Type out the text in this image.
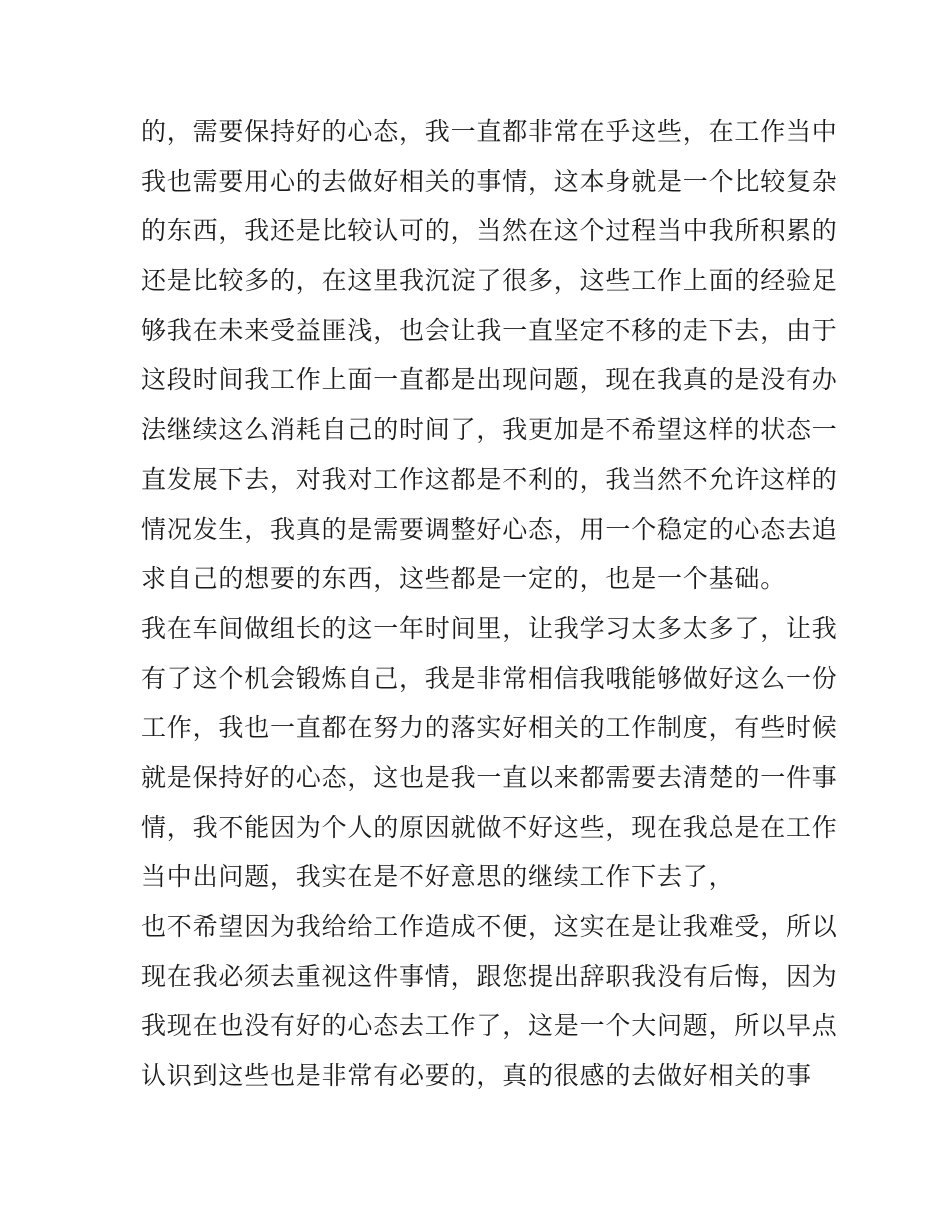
的，需要保持好的心态，我一直都非常在乎这些，在工作当中
我也需要用心的去做好相关的事情，这本身就是一个比较复杂
的东西，我还是比较认可的，当然在这个过程当中我所积累的
还是比较多的，在这里我沉淀了很多，这些工作上面的经验足
够我在未来受益匪浅，也会让我一直坚定不移的走下去，由于
这段时间我工作上面一直都是出现问题，现在我真的是没有办
法继续这么消耗自己的时间了，我更加是不希望这样的状态一
直发展下去，对我对工作这都是不利的，我当然不允许这样的
情况发生，我真的是需要调整好心态，用一个稳定的心态去追
求自己的想要的东西，这些都是一定的，也是一个基础。
我在车间做组长的这一年时间里，让我学习太多太多了，让我
有了这个机会锻炼自己，我是非常相信我哦能够做好这么一份
工作，我也一直都在努力的落实好相关的工作制度，有些时候
就是保持好的心态，这也是我一直以来都需要去清楚的一件事
情，我不能因为个人的原因就做不好这些，现在我总是在工作
当中出问题，我实在是不好意思的继续工作下去了，
也不希望因为我给给工作造成不便，这实在是让我难受，所以
现在我必须去重视这件事情，跟您提出辞职我没有后悔，因为
我现在也没有好的心态去工作了，这是一个大问题，所以早点
认识到这些也是非常有必要的，真的很感的去做好相关的事
